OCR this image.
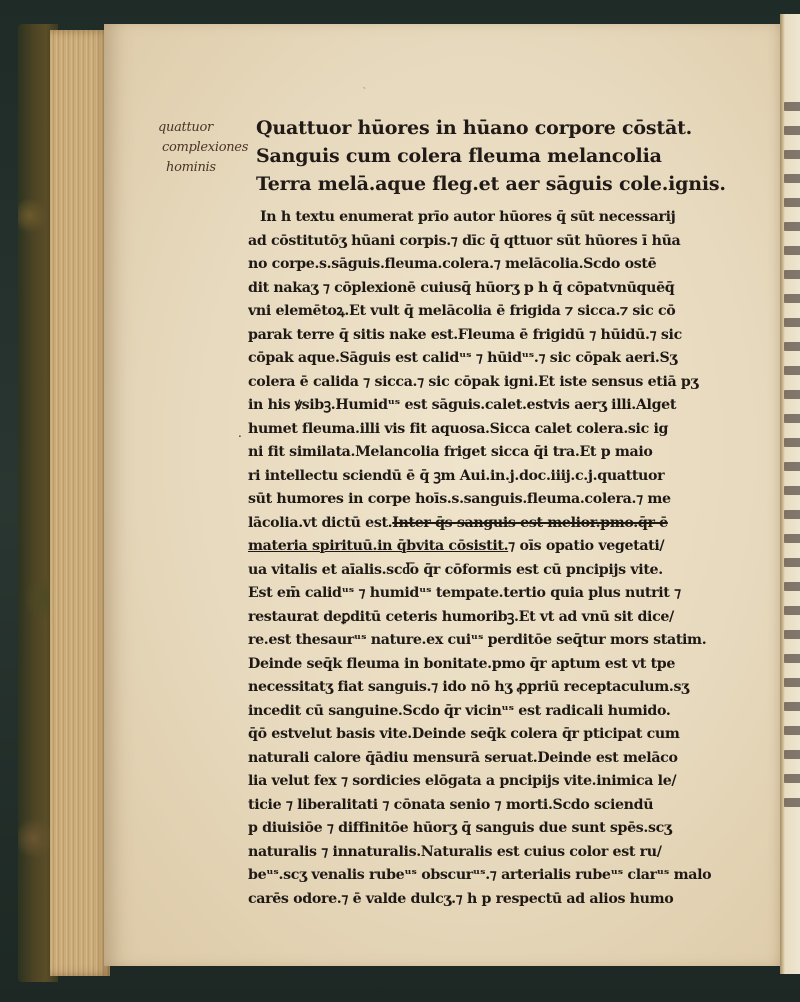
ˋ
quattuor
complexiones
hominis
Quattuor hūores in hūano corpore cōstāt.
Sanguis cum colera fleuma melancolia
Terra melā.aque fleg.et aer sāguis cole.ignis.
.
In h textu enumerat prīo autor hūores q̄ sūt necessarij
ad cōstitutōʒ hūani corpis.⁊ dīc q̄ qttuor sūt hūores ī hūa
no corpe.s.sāguis.fleuma.colera.⁊ melācolia.Scdo ostē
dit nakaʒ ⁊ cōplexionē cuiusq̄ hūorʒ p h q̄ cōpatvnūquēq̄
vni elemētoꝝ.Et vult q̄ melācolia ē frigida ⁊ sicca.⁊ sic cō
parak terre q̄ sitis nake est.Fleuma ē frigidū ⁊ hūidū.⁊ sic
cōpak aque.Sāguis est calidᵘˢ ⁊ hūidᵘˢ.⁊ sic cōpak aeri.Sʒ
colera ē calida ⁊ sicca.⁊ sic cōpak igni.Et iste sensus etiā pʒ
in his ꝟsibꝫ.Humidᵘˢ est sāguis.calet.estvis aerʒ illi.Alget
humet fleuma.illi vis fit aquosa.Sicca calet colera.sic ig
ni fit similata.Melancolia friget sicca q̄i tra.Et p maio
ri intellectu sciendū ē q̄ ꝫm Aui.in.j.doc.iiij.c.j.quattuor
sūt humores in corpe hoīs.s.sanguis.fleuma.colera.⁊ me
lācolia.vt dictū est.Inter q̄s sanguis est melior.pmo.q̄r ē
materia spirituū.in q̄bvita cōsistit.⁊ oīs opatio vegetati/
ua vitalis et aīalis.scd͞o q̄r cōformis est cū pncipijs vite.
Est em̄ calidᵘˢ ⁊ humidᵘˢ tempate.tertio quia plus nutrit ⁊
restaurat deꝑditū ceteris humoribꝫ.Et vt ad vnū sit dice/
re.est thesaurᵘˢ nature.ex cuiᵘˢ perditōe seq̄tur mors statim.
Deinde seq̄k fleuma in bonitate.pmo q̄r aptum est vt tpe
necessitatʒ fiat sanguis.⁊ ido nō hʒ ꝓpriū receptaculum.sʒ
incedit cū sanguine.Scdo q̄r vicinᵘˢ est radicali humido.
q̄ō estvelut basis vite.Deinde seq̄k colera q̄r pticipat cum
naturali calore q̄ādiu mensurā seruat.Deinde est melāco
lia velut fex ⁊ sordicies elōgata a pncipijs vite.inimica le/
ticie ⁊ liberalitati ⁊ cōnata senio ⁊ morti.Scdo sciendū
p diuisiōe ⁊ diffinitōe hūorʒ q̄ sanguis due sunt spēs.scʒ
naturalis ⁊ innaturalis.Naturalis est cuius color est ru/
beᵘˢ.scʒ venalis rubeᵘˢ obscurᵘˢ.⁊ arterialis rubeᵘˢ clarᵘˢ malo
carēs odore.⁊ ē valde dulcʒ.⁊ h p respectū ad alios humo
